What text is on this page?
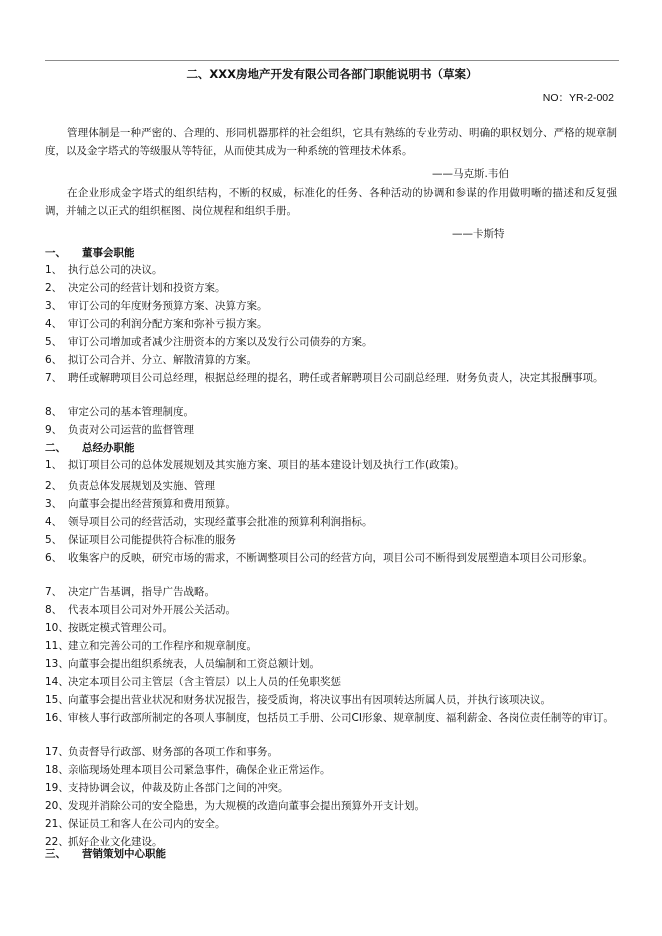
二、XXX房地产开发有限公司各部门职能说明书（草案）
NO：YR-2-002
管理体制是一种严密的、合理的、形同机器那样的社会组织，它具有熟练的专业劳动、明确的职权划分、严格的规章制度，以及金字塔式的等级服从等特征，从而使其成为一种系统的管理技术体系。
——马克斯.韦伯
在企业形成金字塔式的组织结构，不断的权威，标准化的任务、各种活动的协调和参谋的作用做明晰的描述和反复强调，并辅之以正式的组织框图、岗位规程和组织手册。
——卡斯特
一、 董事会职能
1、 执行总公司的决议。
2、 决定公司的经营计划和投资方案。
3、 审订公司的年度财务预算方案、决算方案。
4、 审订公司的利润分配方案和弥补亏损方案。
5、 审订公司增加或者减少注册资本的方案以及发行公司债券的方案。
6、 拟订公司合并、分立、解散清算的方案。
7、 聘任或解聘项目公司总经理，根据总经理的提名，聘任或者解聘项目公司副总经理．财务负责人，决定其报酬事项。
8、 审定公司的基本管理制度。
9、 负责对公司运营的监督管理
二、 总经办职能
1、 拟订项目公司的总体发展规划及其实施方案、项目的基本建设计划及执行工作(政策)。
2、 负责总体发展规划及实施、管理
3、 向董事会提出经营预算和费用预算。
4、 领导项目公司的经营活动，实现经董事会批准的预算利利润指标。
5、 保证项目公司能提供符合标准的服务
6、 收集客户的反映，研究市场的需求，不断调整项目公司的经营方向，项目公司不断得到发展塑造本项目公司形象。
7、 决定广告基调，指导广告战略。
8、 代表本项目公司对外开展公关活动。
10、 按既定模式管理公司。
11、 建立和完善公司的工作程序和规章制度。
13、 向董事会提出组织系统表，人员编制和工资总额计划。
14、 决定本项目公司主管层（含主管层）以上人员的任免职奖惩
15、 向董事会提出营业状况和财务状况报告，接受质询，将决议事出有因项转达所属人员，并执行该项决议。
16、 审核人事行政部所制定的各项人事制度，包括员工手册、公司CI形象、规章制度、福利薪金、各岗位责任制等的审订。
17、 负责督导行政部、财务部的各项工作和事务。
18、 亲临现场处理本项目公司紧急事件，确保企业正常运作。
19、 支持协调会议，仲裁及防止各部门之间的冲突。
20、 发现并消除公司的安全隐患，为大规模的改造向董事会提出预算外开支计划。
21、 保证员工和客人在公司内的安全。
22、 抓好企业文化建设。
三、 营销策划中心职能
